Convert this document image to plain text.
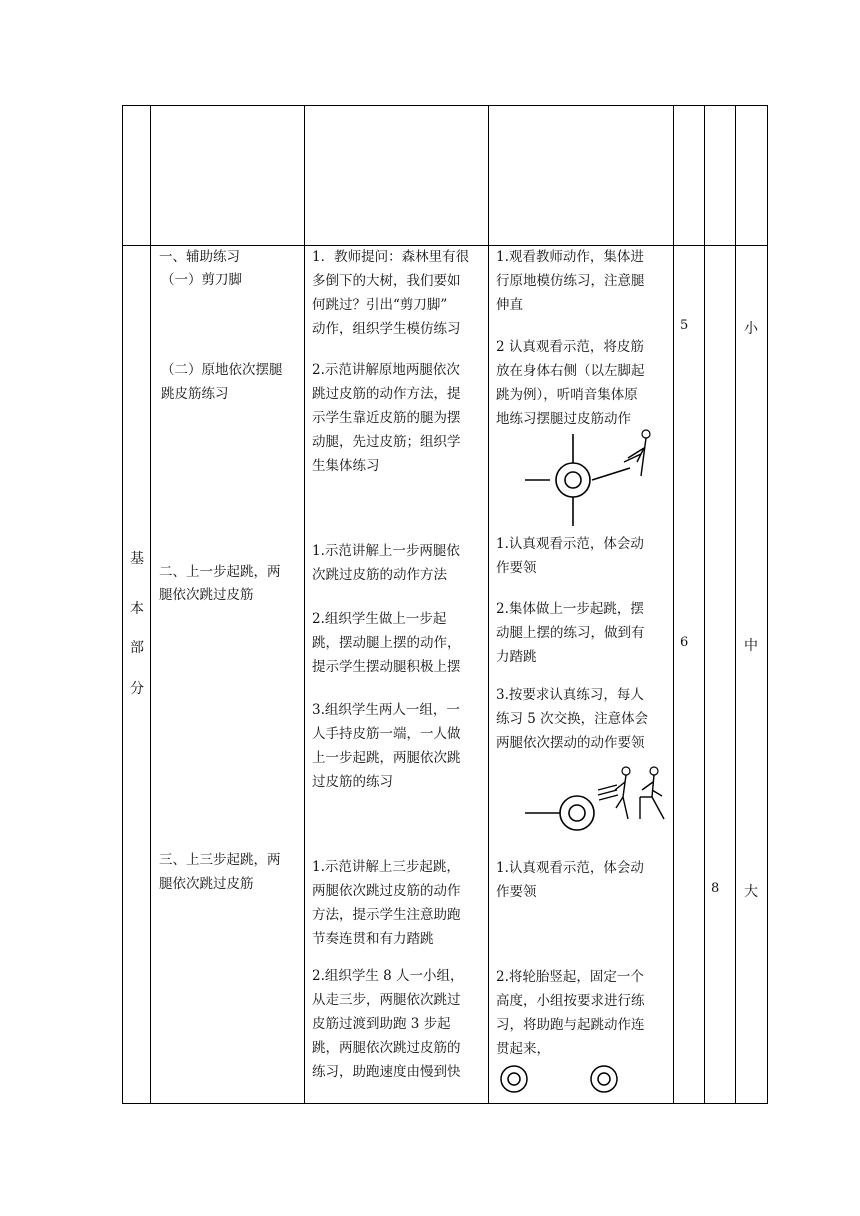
基
本
部
分
一、辅助练习
（一）剪刀脚
（二）原地依次摆腿
跳皮筋练习
二、上一步起跳，两
腿依次跳过皮筋
三、上三步起跳，两
腿依次跳过皮筋
1．教师提问：森林里有很
多倒下的大树，我们要如
何跳过？引出“剪刀脚”
动作，组织学生模仿练习
2.示范讲解原地两腿依次
跳过皮筋的动作方法，提
示学生靠近皮筋的腿为摆
动腿，先过皮筋；组织学
生集体练习
1.示范讲解上一步两腿依
次跳过皮筋的动作方法
2.组织学生做上一步起
跳，摆动腿上摆的动作，
提示学生摆动腿积极上摆
3.组织学生两人一组，一
人手持皮筋一端，一人做
上一步起跳，两腿依次跳
过皮筋的练习
1.示范讲解上三步起跳，
两腿依次跳过皮筋的动作
方法，提示学生注意助跑
节奏连贯和有力踏跳
2.组织学生 8 人一小组，
从走三步，两腿依次跳过
皮筋过渡到助跑 3 步起
跳，两腿依次跳过皮筋的
练习，助跑速度由慢到快
1.观看教师动作，集体进
行原地模仿练习，注意腿
伸直
2 认真观看示范，将皮筋
放在身体右侧（以左脚起
跳为例），听哨音集体原
地练习摆腿过皮筋动作
1.认真观看示范，体会动
作要领
2.集体做上一步起跳，摆
动腿上摆的练习，做到有
力踏跳
3.按要求认真练习，每人
练习 5 次交换，注意体会
两腿依次摆动的动作要领
1.认真观看示范，体会动
作要领
2.将轮胎竖起，固定一个
高度，小组按要求进行练
习，将助跑与起跳动作连
贯起来，
5
6
8
小
中
大
